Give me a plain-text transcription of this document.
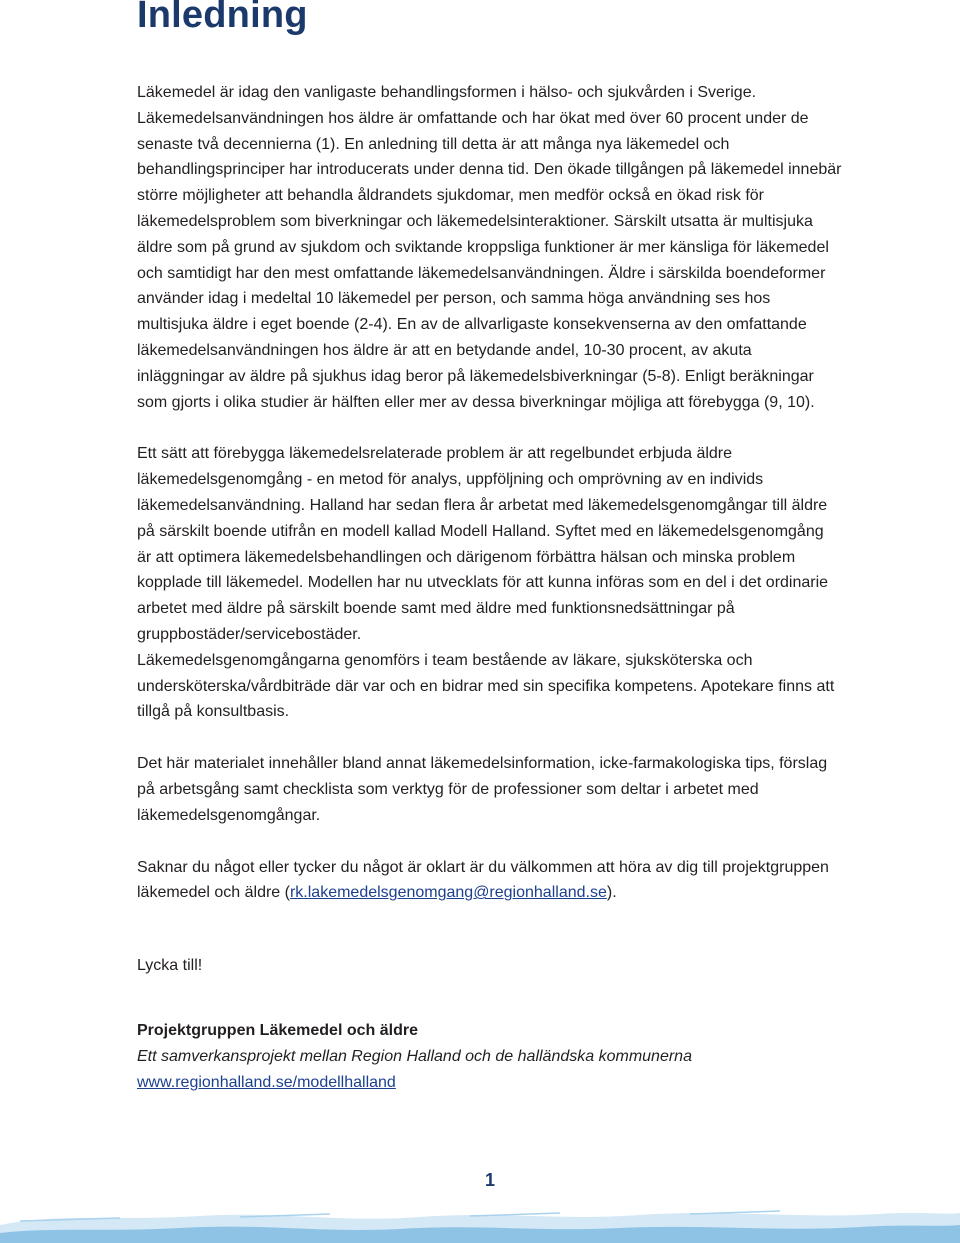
Inledning

Läkemedel är idag den vanligaste behandlingsformen i hälso- och sjukvården i Sverige. Läkemedelsanvändningen hos äldre är omfattande och har ökat med över 60 procent under de senaste två decennierna (1). En anledning till detta är att många nya läkemedel och behandlingsprinciper har introducerats under denna tid. Den ökade tillgången på läkemedel innebär större möjligheter att behandla åldrandets sjukdomar, men medför också en ökad risk för läkemedelsproblem som biverkningar och läkemedelsinteraktioner. Särskilt utsatta är multisjuka äldre som på grund av sjukdom och sviktande kroppsliga funktioner är mer känsliga för läkemedel och samtidigt har den mest omfattande läkemedelsanvändningen. Äldre i särskilda boendeformer använder idag i medeltal 10 läkemedel per person, och samma höga användning ses hos multisjuka äldre i eget boende (2-4). En av de allvarligaste konsekvenserna av den omfattande läkemedelsanvändningen hos äldre är att en betydande andel, 10-30 procent, av akuta inläggningar av äldre på sjukhus idag beror på läkemedelsbiverkningar (5-8). Enligt beräkningar som gjorts i olika studier är hälften eller mer av dessa biverkningar möjliga att förebygga (9, 10).

Ett sätt att förebygga läkemedelsrelaterade problem är att regelbundet erbjuda äldre läkemedelsgenomgång - en metod för analys, uppföljning och omprövning av en individs läkemedelsanvändning. Halland har sedan flera år arbetat med läkemedelsgenomgångar till äldre på särskilt boende utifrån en modell kallad Modell Halland. Syftet med en läkemedelsgenomgång är att optimera läkemedelsbehandlingen och därigenom förbättra hälsan och minska problem kopplade till läkemedel. Modellen har nu utvecklats för att kunna införas som en del i det ordinarie arbetet med äldre på särskilt boende samt med äldre med funktionsnedsättningar på gruppbostäder/servicebostäder.

Läkemedelsgenomgångarna genomförs i team bestående av läkare, sjuksköterska och undersköterska/vårdbiträde där var och en bidrar med sin specifika kompetens. Apotekare finns att tillgå på konsultbasis.

Det här materialet innehåller bland annat läkemedelsinformation, icke-farmakologiska tips, förslag på arbetsgång samt checklista som verktyg för de professioner som deltar i arbetet med läkemedelsgenomgångar.

Saknar du något eller tycker du något är oklart är du välkommen att höra av dig till projektgruppen läkemedel och äldre (rk.lakemedelsgenomgang@regionhalland.se).

Lycka till!

Projektgruppen Läkemedel och äldre
Ett samverkansprojekt mellan Region Halland och de halländska kommunerna
www.regionhalland.se/modellhalland

1
